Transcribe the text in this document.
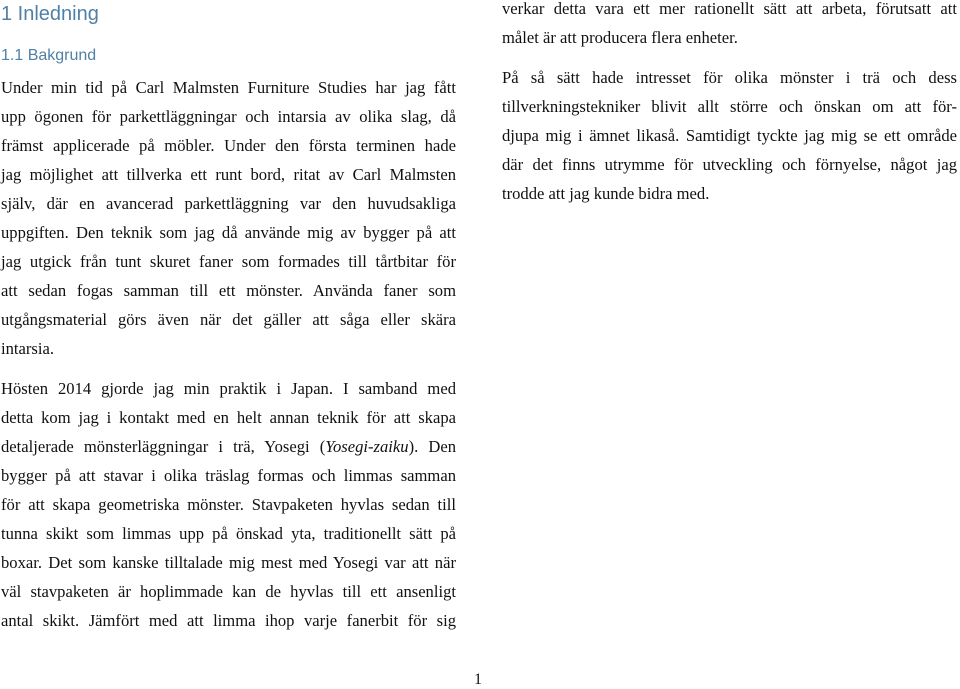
1 Inledning
1.1 Bakgrund
Under min tid på Carl Malmsten Furniture Studies har jag fått
upp ögonen för parkettläggningar och intarsia av olika slag, då
främst applicerade på möbler. Under den första terminen hade
jag möjlighet att tillverka ett runt bord, ritat av Carl Malmsten
själv, där en avancerad parkettläggning var den huvudsakliga
uppgiften. Den teknik som jag då använde mig av bygger på att
jag utgick från tunt skuret faner som formades till tårtbitar för
att sedan fogas samman till ett mönster. Använda faner som
utgångsmaterial görs även när det gäller att såga eller skära
intarsia.
Hösten 2014 gjorde jag min praktik i Japan. I samband med
detta kom jag i kontakt med en helt annan teknik för att skapa
detaljerade mönsterläggningar i trä, Yosegi (Yosegi-zaiku). Den
bygger på att stavar i olika träslag formas och limmas samman
för att skapa geometriska mönster. Stavpaketen hyvlas sedan till
tunna skikt som limmas upp på önskad yta, traditionellt sätt på
boxar. Det som kanske tilltalade mig mest med Yosegi var att när
väl stavpaketen är hoplimmade kan de hyvlas till ett ansenligt
antal skikt. Jämfört med att limma ihop varje fanerbit för sig
verkar detta vara ett mer rationellt sätt att arbeta, förutsatt att
målet är att producera flera enheter.
På så sätt hade intresset för olika mönster i trä och dess
tillverkningstekniker blivit allt större och önskan om att för-
djupa mig i ämnet likaså. Samtidigt tyckte jag mig se ett område
där det finns utrymme för utveckling och förnyelse, något jag
trodde att jag kunde bidra med.
1
